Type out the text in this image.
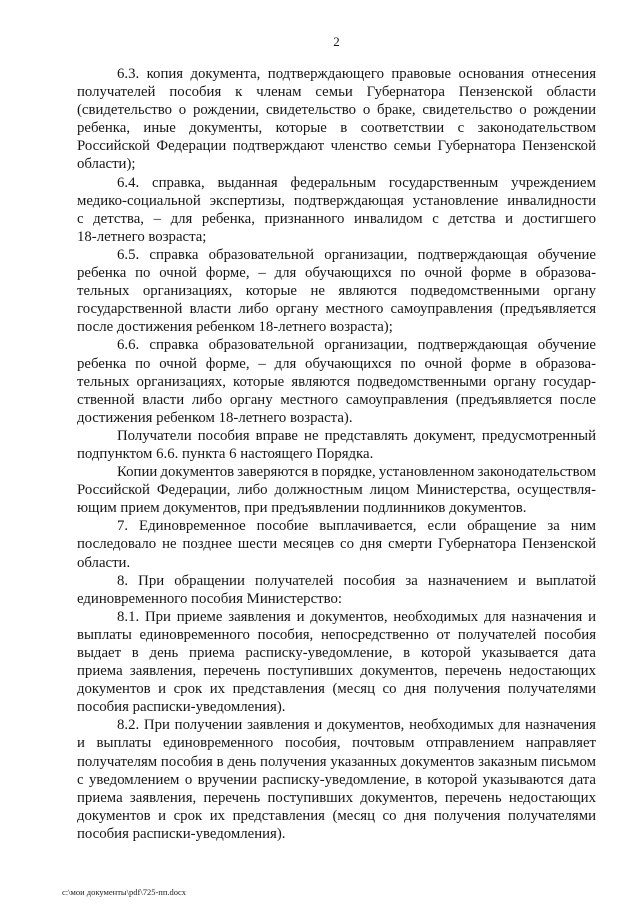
2
6.3. копия документа, подтверждающего правовые основания отнесения
получателей пособия к членам семьи Губернатора Пензенской области
(свидетельство о рождении, свидетельство о браке, свидетельство о рождении
ребенка, иные документы, которые в соответствии с законодательством
Российской Федерации подтверждают членство семьи Губернатора Пензенской
области);
6.4. справка, выданная федеральным государственным учреждением
медико-социальной экспертизы, подтверждающая установление инвалидности
с детства, – для ребенка, признанного инвалидом с детства и достигшего
18-летнего возраста;
6.5. справка образовательной организации, подтверждающая обучение
ребенка по очной форме, – для обучающихся по очной форме в образова-
тельных организациях, которые не являются подведомственными органу
государственной власти либо органу местного самоуправления (предъявляется
после достижения ребенком 18-летнего возраста);
6.6. справка образовательной организации, подтверждающая обучение
ребенка по очной форме, – для обучающихся по очной форме в образова-
тельных организациях, которые являются подведомственными органу государ-
ственной власти либо органу местного самоуправления (предъявляется после
достижения ребенком 18-летнего возраста).
Получатели пособия вправе не представлять документ, предусмотренный
подпунктом 6.6. пункта 6 настоящего Порядка.
Копии документов заверяются в порядке, установленном законодательством
Российской Федерации, либо должностным лицом Министерства, осуществля-
ющим прием документов, при предъявлении подлинников документов.
7. Единовременное пособие выплачивается, если обращение за ним
последовало не позднее шести месяцев со дня смерти Губернатора Пензенской
области.
8. При обращении получателей пособия за назначением и выплатой
единовременного пособия Министерство:
8.1. При приеме заявления и документов, необходимых для назначения и
выплаты единовременного пособия, непосредственно от получателей пособия
выдает в день приема расписку-уведомление, в которой указывается дата
приема заявления, перечень поступивших документов, перечень недостающих
документов и срок их представления (месяц со дня получения получателями
пособия расписки-уведомления).
8.2. При получении заявления и документов, необходимых для назначения
и выплаты единовременного пособия, почтовым отправлением направляет
получателям пособия в день получения указанных документов заказным письмом
с уведомлением о вручении расписку-уведомление, в которой указываются дата
приема заявления, перечень поступивших документов, перечень недостающих
документов и срок их представления (месяц со дня получения получателями
пособия расписки-уведомления).
c:\мои документы\pdf\725-пп.docx
